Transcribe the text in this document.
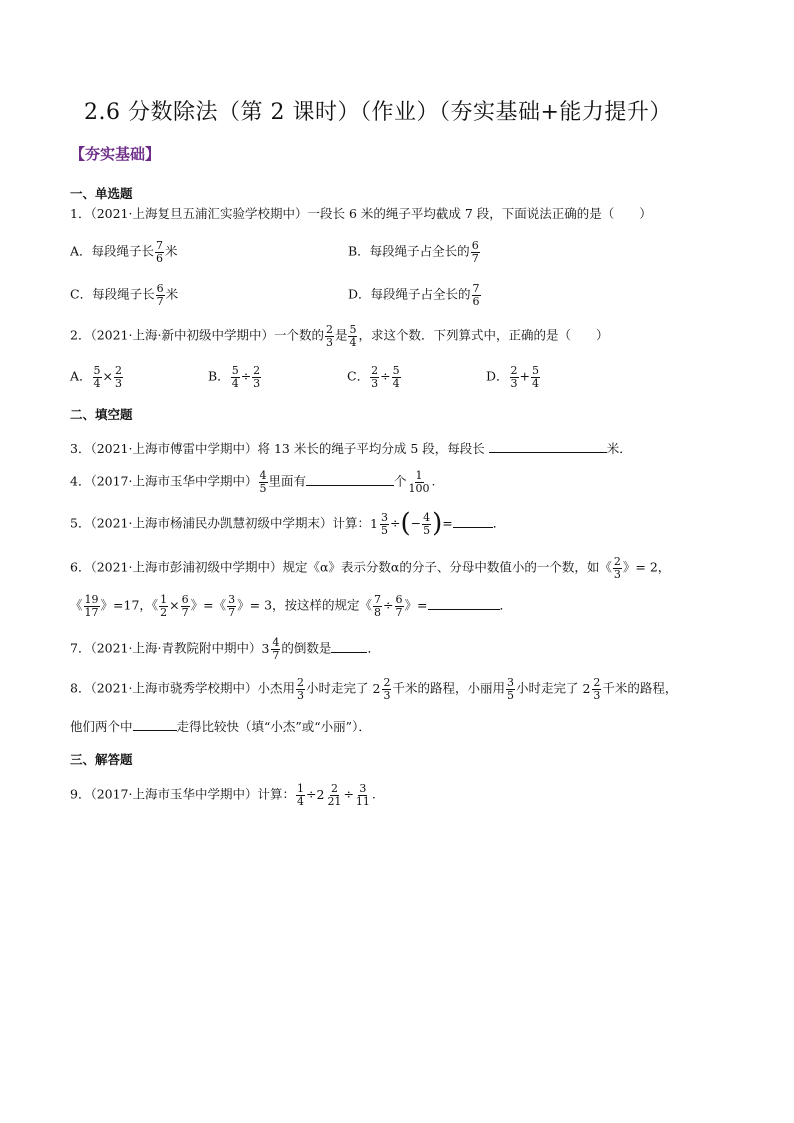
2.6 分数除法（第 2 课时）（作业）（夯实基础+能力提升）
【夯实基础】
一、单选题
1．（2021·上海复旦五浦汇实验学校期中）一段长 6 米的绳子平均截成 7 段，下面说法正确的是（　　）
A．每段绳子长 $\frac{7}{6}$ 米	B．每段绳子占全长的 $\frac{6}{7}$
C．每段绳子长 $\frac{6}{7}$ 米	D．每段绳子占全长的 $\frac{7}{6}$
2．（2021·上海·新中初级中学期中）一个数的 $\frac{2}{3}$ 是 $\frac{5}{4}$ ，求这个数．下列算式中，正确的是（　　）
A． $\frac{5}{4} \times \frac{2}{3}$	B． $\frac{5}{4} \div \frac{2}{3}$	C． $\frac{2}{3} \div \frac{5}{4}$	D． $\frac{2}{3} + \frac{5}{4}$
二、填空题
3．（2021·上海市傅雷中学期中）将 13 米长的绳子平均分成 5 段，每段长	米．
4．（2017·上海市玉华中学期中） $\frac{4}{5}$ 里面有	个 $\frac{1}{100}$ .
5．（2021·上海市杨浦民办凯慧初级中学期末）计算： $1 \frac{3}{5}$ ÷(− $\frac{4}{5}$ )=	．
6．（2021·上海市彭浦初级中学期中）规定《α》表示分数α的分子、分母中数值小的一个数，如《 $\frac{2}{3}$ 》= 2，
《 $\frac{19}{17}$ 》=17，《 $\frac{1}{2} \times \frac{6}{7}$ 》=《 $\frac{3}{7}$ 》= 3，按这样的规定《 $\frac{7}{8} \div \frac{6}{7}$ 》=	．
7．（2021·上海·青教院附中期中） $3 \frac{4}{7}$ 的倒数是	．
8．（2021·上海市骁秀学校期中）小杰用 $\frac{2}{3}$ 小时走完了 $2 \frac{2}{3}$ 千米的路程，小丽用 $\frac{3}{5}$ 小时走完了 $2 \frac{2}{3}$ 千米的路程，
他们两个中	走得比较快（填“小杰”或“小丽”）．
三、解答题
9．（2017·上海市玉华中学期中）计算： $\frac{1}{4} \div 2 \frac{2}{21} \div \frac{3}{11}$ .
